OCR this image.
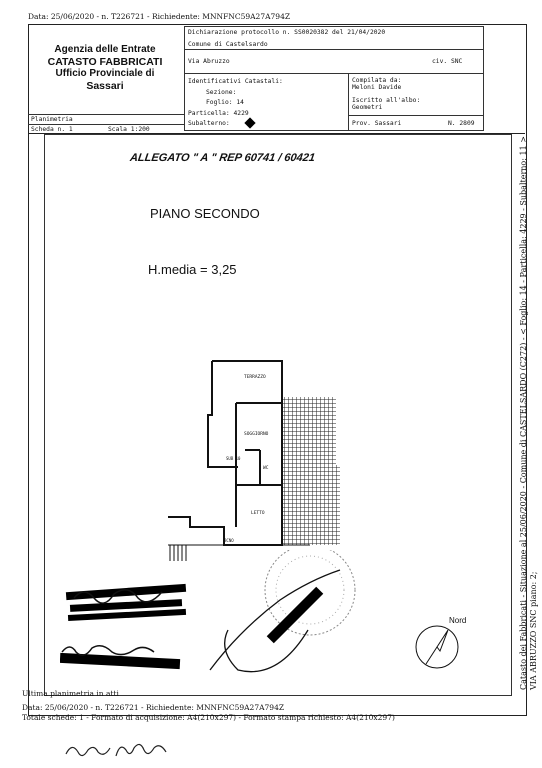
Data: 25/06/2020 - n. T226721 - Richiedente: MNNFNC59A27A794Z
Agenzia delle Entrate
CATASTO FABBRICATI
Ufficio Provinciale di
Sassari
Dichiarazione protocollo n. SS0020382 del 21/04/2020
Comune di Castelsardo
Via Abruzzo	civ. SNC
Identificativi Catastali:
Sezione:
Foglio: 14
Particella: 4229
Subalterno:
Compilata da:
Meloni Davide
Iscritto all'albo:
Geometri
Prov. Sassari	N. 2809
Planimetria
Scheda n. 1	Scala 1:200
ALLEGATO " A " REP 60741 / 60421
PIANO SECONDO
H.media = 3,25
TERRAZZO
SOGGIORNO
WC
LETTO
SUB 10
BCNO
Nord	Catasto dei Fabbricati - Situazione al 25/06/2020 - Comune di CASTELSARDO (C272) - < Foglio: 14 - Particella: 4229 - Subalterno: 11 > VIA ABRUZZO SNC piano: 2;
Ultima planimetria in atti
Data: 25/06/2020 - n. T226721 - Richiedente: MNNFNC59A27A794Z
Totale schede: 1 - Formato di acquisizione: A4(210x297) - Formato stampa richiesto: A4(210x297)
